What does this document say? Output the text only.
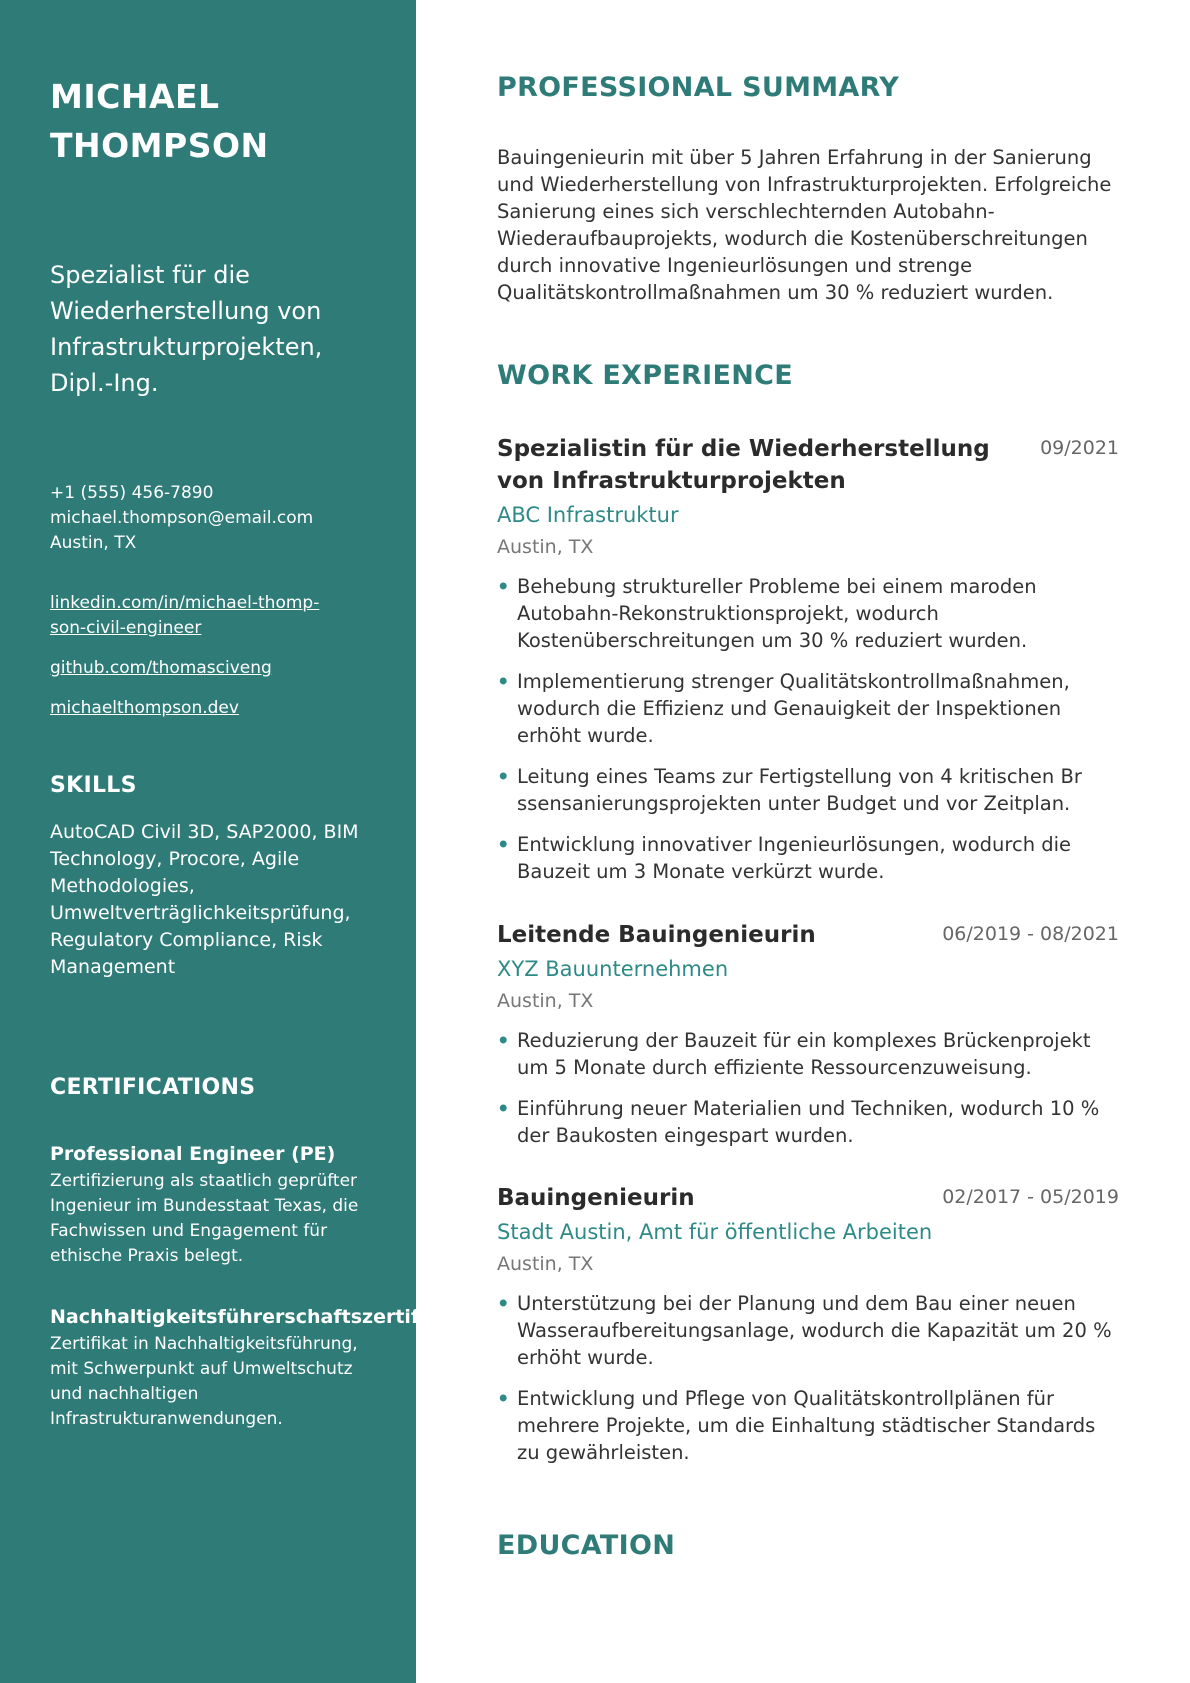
MICHAEL
THOMPSON
Spezialist für die Wiederherstellung von Infrastrukturprojekten, Dipl.-Ing.
+1 (555) 456-7890
michael.thompson@email.com
Austin, TX
linkedin.com/in/michael-thomp-son-civil-engineer
github.com/thomasciveng
michaelthompson.dev
SKILLS
AutoCAD Civil 3D, SAP2000, BIM Technology, Procore, Agile Methodologies, Umweltverträglichkeitsprüfung, Regulatory Compliance, Risk Management
CERTIFICATIONS
Professional Engineer (PE)
Zertifizierung als staatlich geprüfter Ingenieur im Bundesstaat Texas, die Fachwissen und Engagement für ethische Praxis belegt.
Nachhaltigkeitsführerschaftszertifikat
Zertifikat in Nachhaltigkeitsführung, mit Schwerpunkt auf Umweltschutz und nachhaltigen Infrastrukturanwendungen.
PROFESSIONAL SUMMARY
Bauingenieurin mit über 5 Jahren Erfahrung in der Sanierung und Wiederherstellung von Infrastrukturprojekten. Erfolgreiche Sanierung eines sich verschlechternden Autobahn-Wiederaufbauprojekts, wodurch die Kostenüberschreitungen durch innovative Ingenieurlösungen und strenge Qualitätskontrollmaßnahmen um 30 % reduziert wurden.
WORK EXPERIENCE
Spezialistin für die Wiederherstellung von Infrastrukturprojekten
09/2021
ABC Infrastruktur
Austin, TX
• Behebung struktureller Probleme bei einem maroden Autobahn-Rekonstruktionsprojekt, wodurch Kostenüberschreitungen um 30 % reduziert wurden.
• Implementierung strenger Qualitätskontrollmaßnahmen, wodurch die Effizienz und Genauigkeit der Inspektionen erhöht wurde.
• Leitung eines Teams zur Fertigstellung von 4 kritischen Br ssensanierungsprojekten unter Budget und vor Zeitplan.
• Entwicklung innovativer Ingenieurlösungen, wodurch die Bauzeit um 3 Monate verkürzt wurde.
Leitende Bauingenieurin	06/2019 - 08/2021
XYZ Bauunternehmen
Austin, TX
• Reduzierung der Bauzeit für ein komplexes Brückenprojekt um 5 Monate durch effiziente Ressourcenzuweisung.
• Einführung neuer Materialien und Techniken, wodurch 10 % der Baukosten eingespart wurden.
Bauingenieurin	02/2017 - 05/2019
Stadt Austin, Amt für öffentliche Arbeiten
Austin, TX
• Unterstützung bei der Planung und dem Bau einer neuen Wasseraufbereitungsanlage, wodurch die Kapazität um 20 % erhöht wurde.
• Entwicklung und Pflege von Qualitätskontrollplänen für mehrere Projekte, um die Einhaltung städtischer Standards zu gewährleisten.
EDUCATION
